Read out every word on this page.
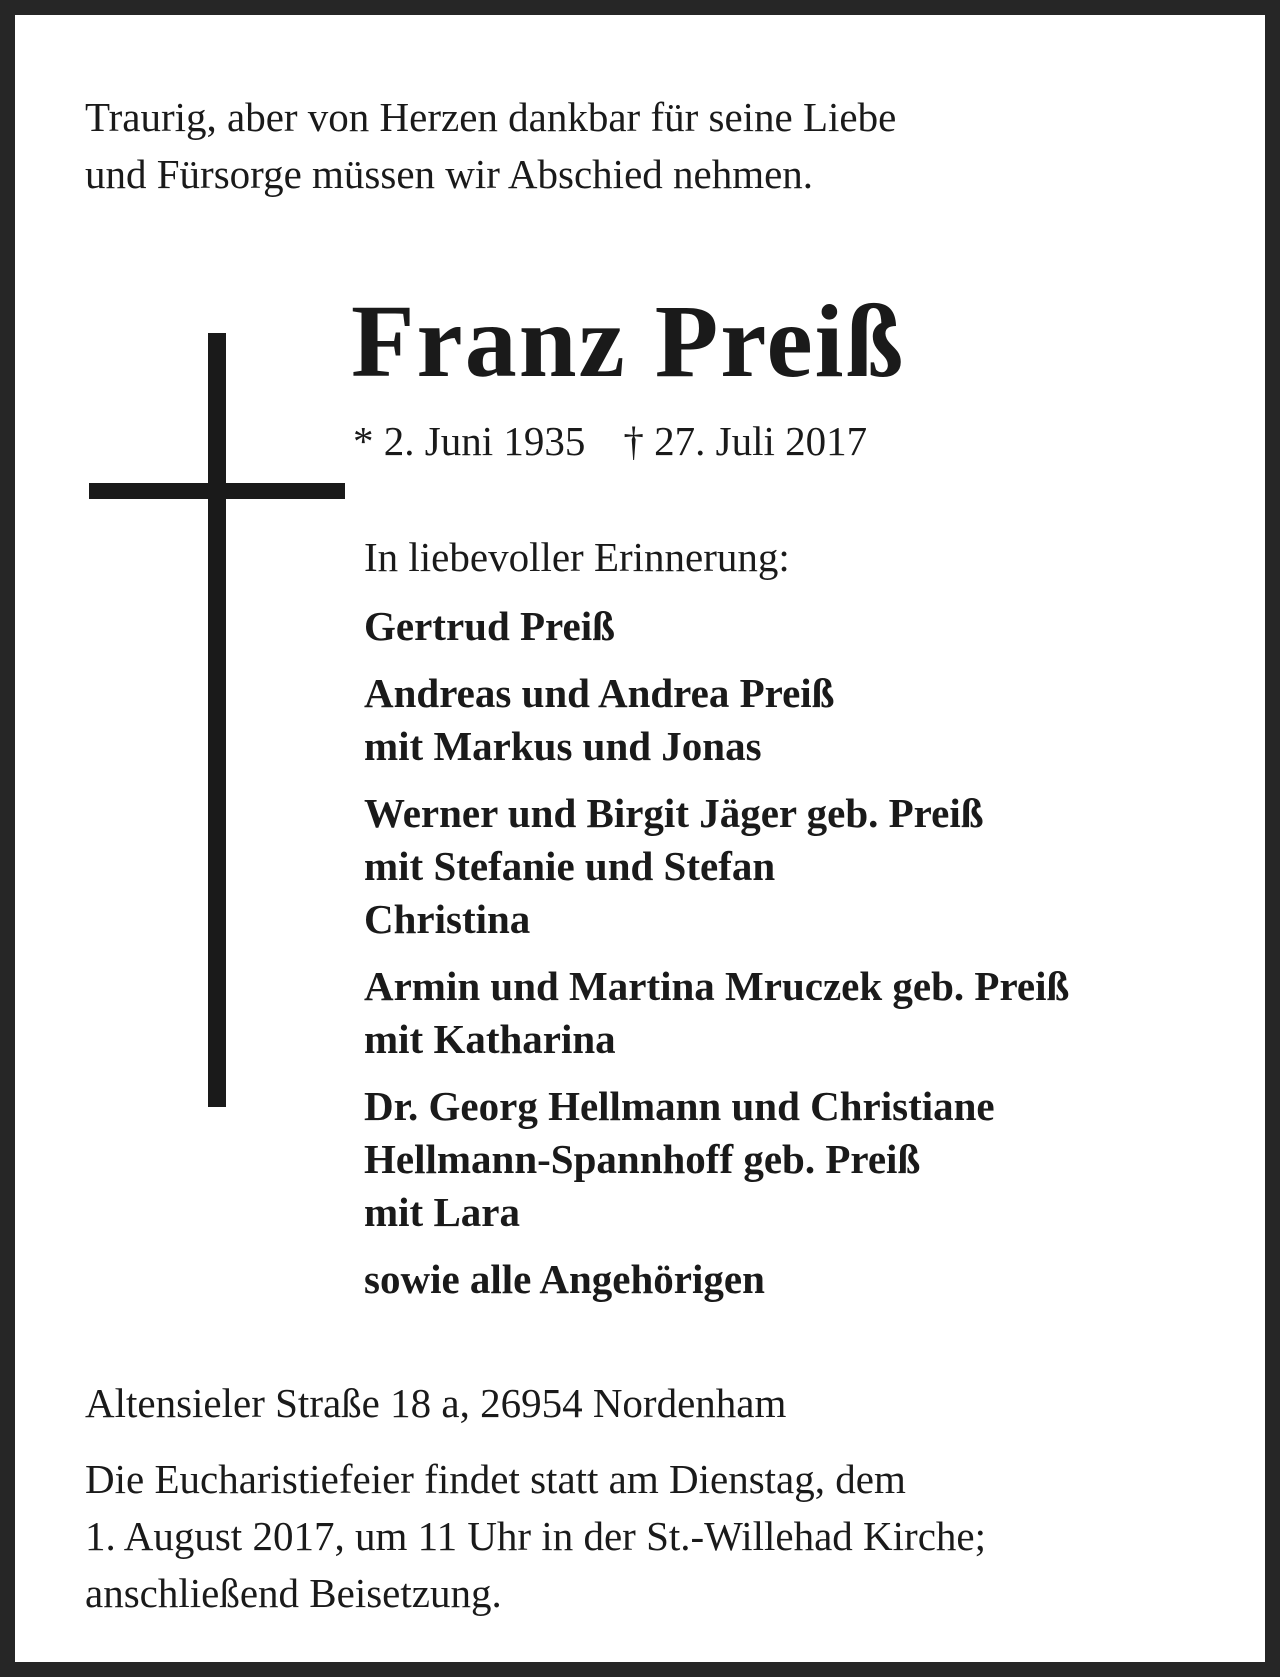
Traurig, aber von Herzen dankbar für seine Liebe
und Fürsorge müssen wir Abschied nehmen.
Franz Preiß
* 2. Juni 1935 † 27. Juli 2017
In liebevoller Erinnerung:
Gertrud Preiß
Andreas und Andrea Preiß
mit Markus und Jonas
Werner und Birgit Jäger geb. Preiß
mit Stefanie und Stefan
Christina
Armin und Martina Mruczek geb. Preiß
mit Katharina
Dr. Georg Hellmann und Christiane
Hellmann-Spannhoff geb. Preiß
mit Lara
sowie alle Angehörigen
Altensieler Straße 18 a, 26954 Nordenham
Die Eucharistiefeier findet statt am Dienstag, dem
1. August 2017, um 11 Uhr in der St.-Willehad Kirche;
anschließend Beisetzung.
